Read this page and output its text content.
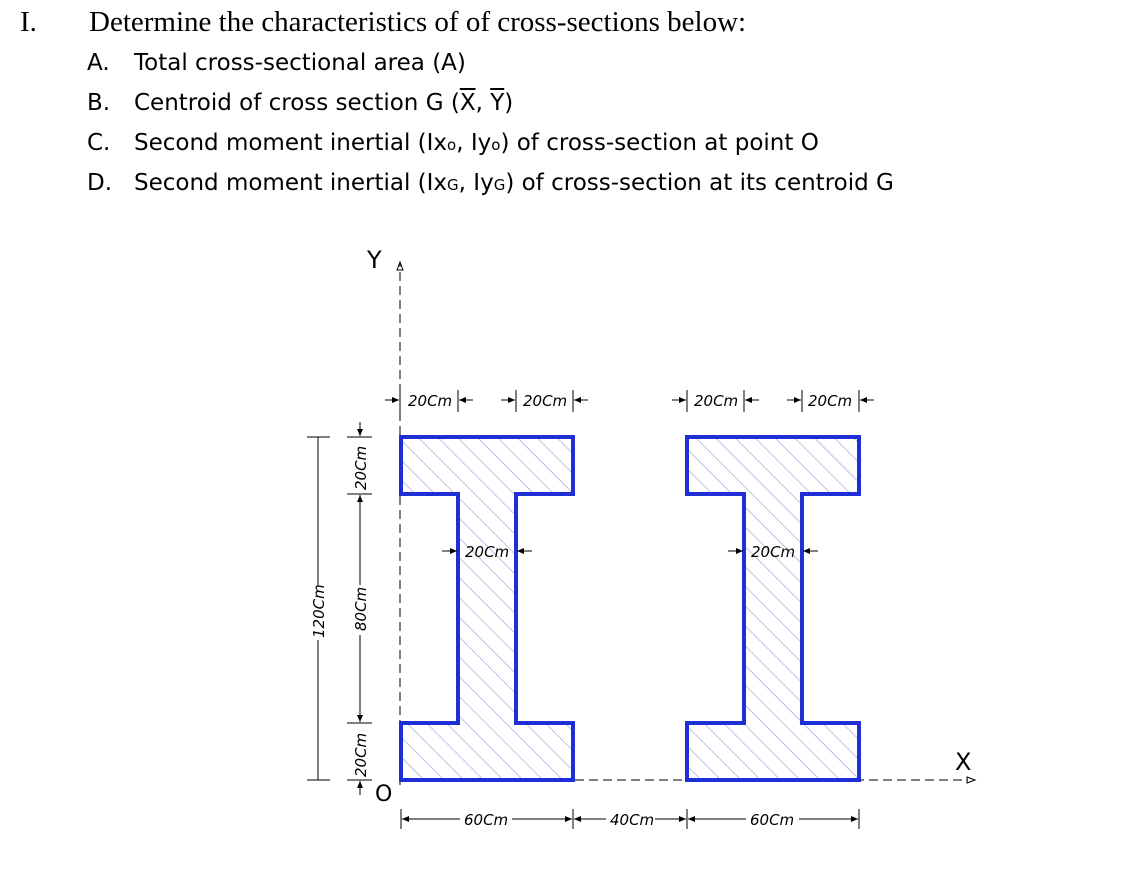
I. Determine the characteristics of of cross-sections below:
A. Total cross-sectional area (A)
B. Centroid of cross section G ($\overline{X}$, $\overline{Y}$)
C. Second moment inertial (Ixo, Iyo) of cross-section at point O
D. Second moment inertial (IxG, IyG) of cross-section at its centroid G
Y
X
O
20Cm	20Cm	20Cm	20Cm
20Cm	20Cm
120Cm
20Cm
80Cm
20Cm
60Cm	40Cm	60Cm
